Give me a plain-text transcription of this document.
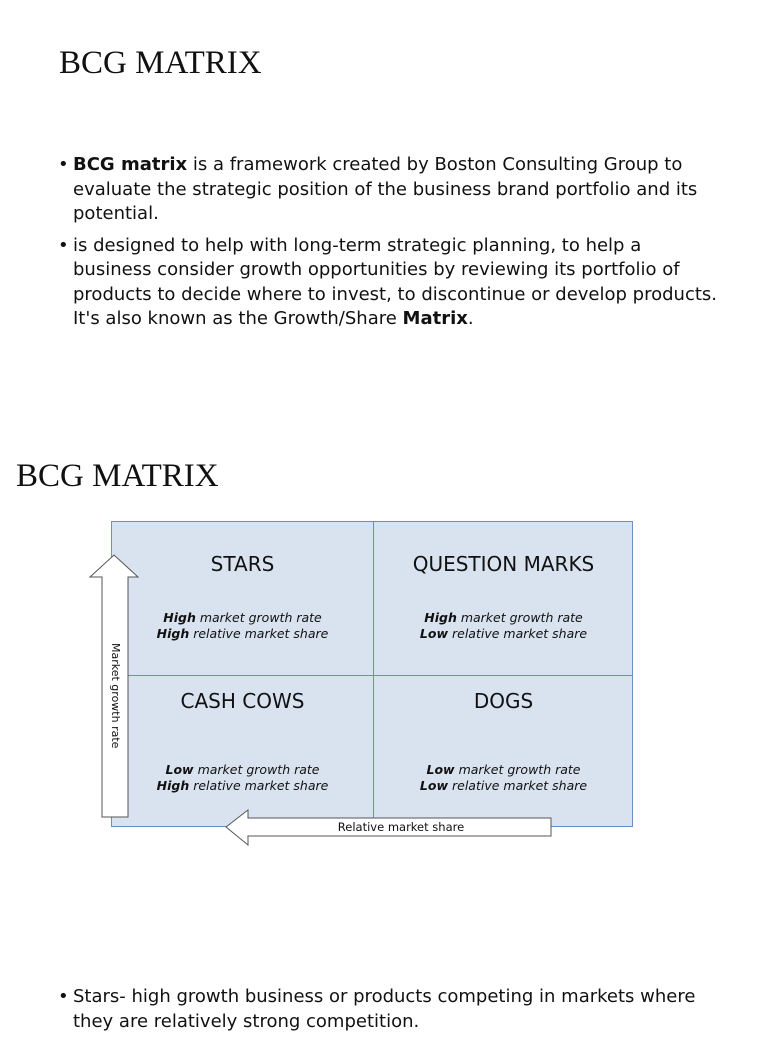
BCG MATRIX
• BCG matrix is a framework created by Boston Consulting Group to evaluate the strategic position of the business brand portfolio and its potential.
• is designed to help with long-term strategic planning, to help a business consider growth opportunities by reviewing its portfolio of products to decide where to invest, to discontinue or develop products. It's also known as the Growth/Share Matrix.
BCG MATRIX
STARS
High market growth rate
High relative market share
QUESTION MARKS
High market growth rate
Low relative market share
CASH COWS
Low market growth rate
High relative market share
DOGS
Low market growth rate
Low relative market share
Market growth rate
Relative market share
• Stars- high growth business or products competing in markets where they are relatively strong competition.
